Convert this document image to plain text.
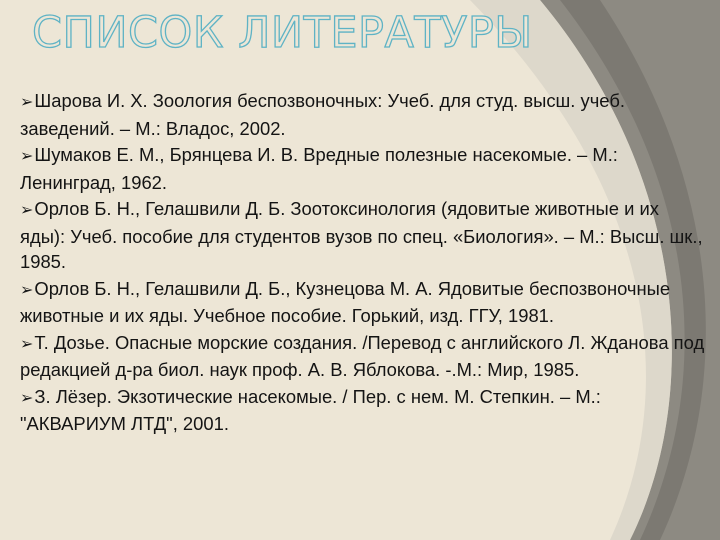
СПИСОК ЛИТЕРАТУРЫ
➢Шарова И. Х. Зоология беспозвоночных: Учеб. для студ. высш. учеб. заведений. – М.: Владос, 2002.
➢Шумаков Е. М., Брянцева И. В. Вредные полезные насекомые. – М.: Ленинград, 1962.
➢Орлов Б. Н., Гелашвили Д. Б. Зоотоксинология (ядовитые животные и их яды): Учеб. пособие для студентов вузов по спец. «Биология». – М.: Высш. шк., 1985.
➢Орлов Б. Н., Гелашвили Д. Б., Кузнецова М. А. Ядовитые беспозвоночные животные и их яды. Учебное пособие. Горький, изд. ГГУ, 1981.
➢Т. Дозье. Опасные морские создания. /Перевод с английского Л. Жданова под редакцией д-ра биол. наук проф. А. В. Яблокова. -.М.: Мир, 1985.
➢З. Лёзер. Экзотические насекомые. / Пер. с нем. М. Степкин. – М.: "АКВАРИУМ ЛТД", 2001.
